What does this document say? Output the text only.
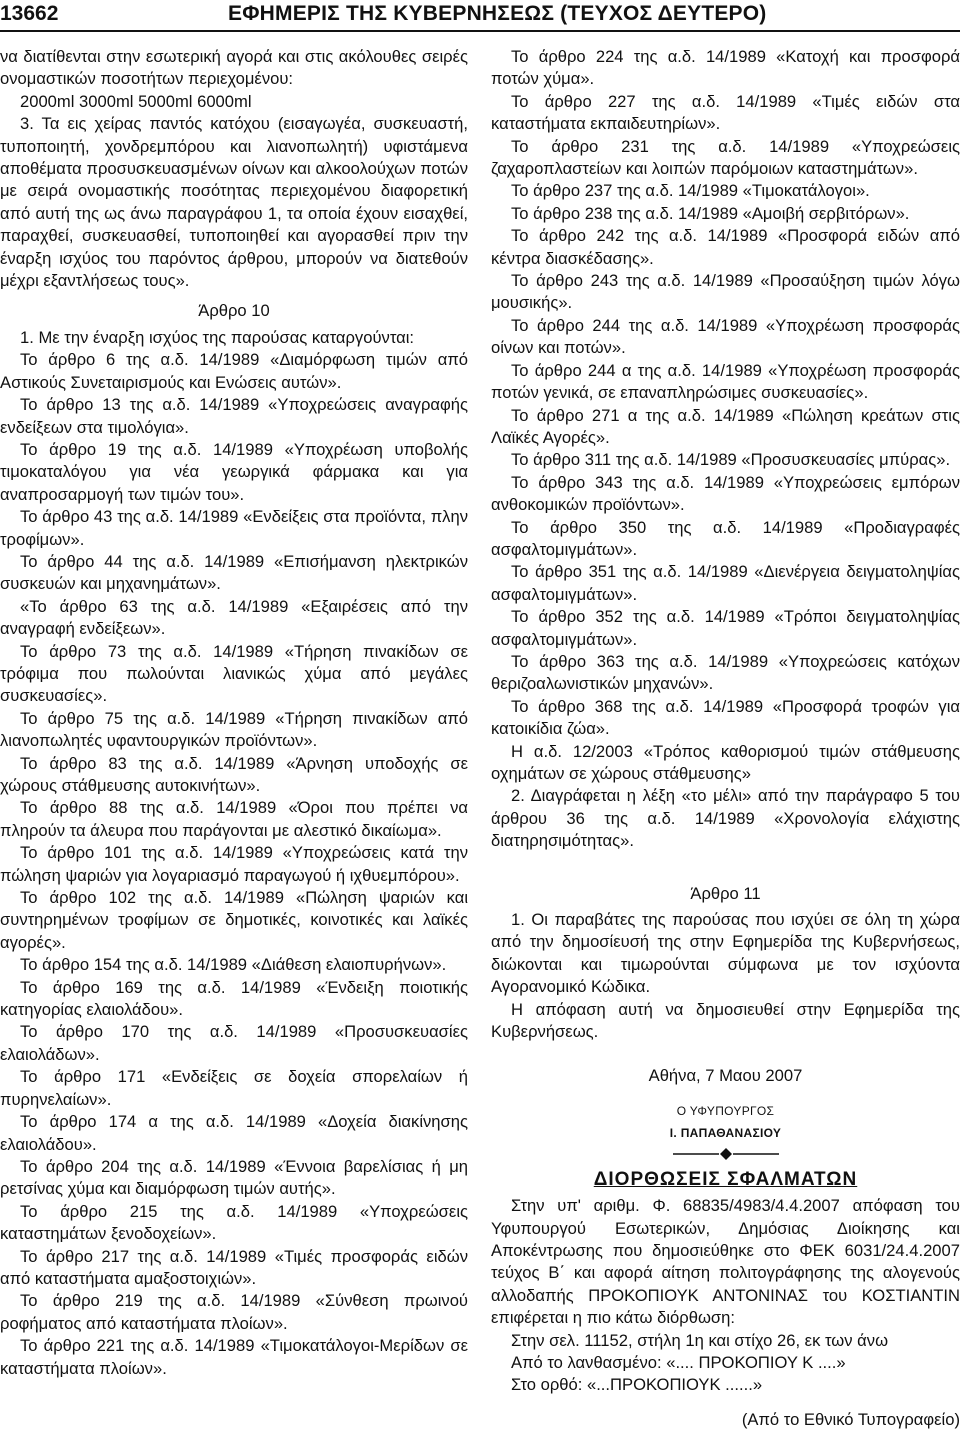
13662	ΕΦΗΜΕΡΙΣ ΤΗΣ ΚΥΒΕΡΝΗΣΕΩΣ (ΤΕΥΧΟΣ ΔΕΥΤΕΡΟ)

να διατίθενται στην εσωτερική αγορά και στις ακόλουθες σειρές ονομαστικών ποσοτήτων περιεχομένου:

2000ml 3000ml 5000ml 6000ml

3. Τα εις χείρας παντός κατόχου (εισαγωγέα, συσκευαστή, τυποποιητή, χονδρεμπόρου και λιανοπωλητή) υφιστάμενα αποθέματα προσυσκευασμένων οίνων και αλκοολούχων ποτών με σειρά ονομαστικής ποσότητας περιεχομένου διαφορετική από αυτή της ως άνω παραγράφου 1, τα οποία έχουν εισαχθεί, παραχθεί, συσκευασθεί, τυποποιηθεί και αγορασθεί πριν την έναρξη ισχύος του παρόντος άρθρου, μπορούν να διατεθούν μέχρι εξαντλήσεως τους».

Άρθρο 10

1. Με την έναρξη ισχύος της παρούσας καταργούνται:

Το άρθρο 6 της α.δ. 14/1989 «Διαμόρφωση τιμών από Αστικούς Συνεταιρισμούς και Ενώσεις αυτών».

Το άρθρο 13 της α.δ. 14/1989 «Υποχρεώσεις αναγραφής ενδείξεων στα τιμολόγια».

Το άρθρο 19 της α.δ. 14/1989 «Υποχρέωση υποβολής τιμοκαταλόγου για νέα γεωργικά φάρμακα και για αναπροσαρμογή των τιμών του».

Το άρθρο 43 της α.δ. 14/1989 «Ενδείξεις στα προϊόντα, πλην τροφίμων».

Το άρθρο 44 της α.δ. 14/1989 «Επισήμανση ηλεκτρικών συσκευών και μηχανημάτων».

«Το άρθρο 63 της α.δ. 14/1989 «Εξαιρέσεις από την αναγραφή ενδείξεων».

Το άρθρο 73 της α.δ. 14/1989 «Τήρηση πινακίδων σε τρόφιμα που πωλούνται λιανικώς χύμα από μεγάλες συσκευασίες».

Το άρθρο 75 της α.δ. 14/1989 «Τήρηση πινακίδων από λιανοπωλητές υφαντουργικών προϊόντων».

Το άρθρο 83 της α.δ. 14/1989 «Άρνηση υποδοχής σε χώρους στάθμευσης αυτοκινήτων».

Το άρθρο 88 της α.δ. 14/1989 «Όροι που πρέπει να πληρούν τα άλευρα που παράγονται με αλεστικό δικαίωμα».

Το άρθρο 101 της α.δ. 14/1989 «Υποχρεώσεις κατά την πώληση ψαριών για λογαριασμό παραγωγού ή ιχθυεμπόρου».

Το άρθρο 102 της α.δ. 14/1989 «Πώληση ψαριών και συντηρημένων τροφίμων σε δημοτικές, κοινοτικές και λαϊκές αγορές».

Το άρθρο 154 της α.δ. 14/1989 «Διάθεση ελαιοπυρήνων».

Το άρθρο 169 της α.δ. 14/1989 «Ένδειξη ποιοτικής κατηγορίας ελαιολάδου».

Το άρθρο 170 της α.δ. 14/1989 «Προσυσκευασίες ελαιολάδων».

Το άρθρο 171 «Ενδείξεις σε δοχεία σπορελαίων ή πυρηνελαίων».

Το άρθρο 174 α της α.δ. 14/1989 «Δοχεία διακίνησης ελαιολάδου».

Το άρθρο 204 της α.δ. 14/1989 «Έννοια βαρελίσιας ή μη ρετσίνας χύμα και διαμόρφωση τιμών αυτής».

Το άρθρο 215 της α.δ. 14/1989 «Υποχρεώσεις καταστημάτων ξενοδοχείων».

Το άρθρο 217 της α.δ. 14/1989 «Τιμές προσφοράς ειδών από καταστήματα αμαξοστοιχιών».

Το άρθρο 219 της α.δ. 14/1989 «Σύνθεση πρωινού ροφήματος από καταστήματα πλοίων».

Το άρθρο 221 της α.δ. 14/1989 «Τιμοκατάλογοι-Μερίδων σε καταστήματα πλοίων».

Το άρθρο 224 της α.δ. 14/1989 «Κατοχή και προσφορά ποτών χύμα».

Το άρθρο 227 της α.δ. 14/1989 «Τιμές ειδών στα καταστήματα εκπαιδευτηρίων».

Το άρθρο 231 της α.δ. 14/1989 «Υποχρεώσεις ζαχαροπλαστείων και λοιπών παρόμοιων καταστημάτων».

Το άρθρο 237 της α.δ. 14/1989 «Τιμοκατάλογοι».

Το άρθρο 238 της α.δ. 14/1989 «Αμοιβή σερβιτόρων».

Το άρθρο 242 της α.δ. 14/1989 «Προσφορά ειδών από κέντρα διασκέδασης».

Το άρθρο 243 της α.δ. 14/1989 «Προσαύξηση τιμών λόγω μουσικής».

Το άρθρο 244 της α.δ. 14/1989 «Υποχρέωση προσφοράς οίνων και ποτών».

Το άρθρο 244 α της α.δ. 14/1989 «Υποχρέωση προσφοράς ποτών γενικά, σε επαναπληρώσιμες συσκευασίες».

Το άρθρο 271 α της α.δ. 14/1989 «Πώληση κρεάτων στις Λαϊκές Αγορές».

Το άρθρο 311 της α.δ. 14/1989 «Προσυσκευασίες μπύρας».

Το άρθρο 343 της α.δ. 14/1989 «Υποχρεώσεις εμπόρων ανθοκομικών προϊόντων».

Το άρθρο 350 της α.δ. 14/1989 «Προδιαγραφές ασφαλτομιγμάτων».

Το άρθρο 351 της α.δ. 14/1989 «Διενέργεια δειγματοληψίας ασφαλτομιγμάτων».

Το άρθρο 352 της α.δ. 14/1989 «Τρόποι δειγματοληψίας ασφαλτομιγμάτων».

Το άρθρο 363 της α.δ. 14/1989 «Υποχρεώσεις κατόχων θεριζοαλωνιστικών μηχανών».

Το άρθρο 368 της α.δ. 14/1989 «Προσφορά τροφών για κατοικίδια ζώα».

Η α.δ. 12/2003 «Τρόπος καθορισμού τιμών στάθμευσης οχημάτων σε χώρους στάθμευσης»

2. Διαγράφεται η λέξη «το μέλι» από την παράγραφο 5 του άρθρου 36 της α.δ. 14/1989 «Χρονολογία ελάχιστης διατηρησιμότητας».

Άρθρο 11

1. Οι παραβάτες της παρούσας που ισχύει σε όλη τη χώρα από την δημοσίευσή της στην Εφημερίδα της Κυβερνήσεως, διώκονται και τιμωρούνται σύμφωνα με τον ισχύοντα Αγορανομικό Κώδικα.

Η απόφαση αυτή να δημοσιευθεί στην Εφημερίδα της Κυβερνήσεως.

Αθήνα, 7 Μαου 2007

Ο ΥΦΥΠΟΥΡΓΟΣ

Ι. ΠΑΠΑΘΑΝΑΣΙΟΥ

ΔΙΟΡΘΩΣΕΙΣ ΣΦΑΛΜΑΤΩΝ

Στην υπ' αριθμ. Φ. 68835/4983/4.4.2007 απόφαση του Υφυπουργού Εσωτερικών, Δημόσιας Διοίκησης και Αποκέντρωσης που δημοσιεύθηκε στο ΦΕΚ 6031/24.4.2007 τεύχος Β΄ και αφορά αίτηση πολιτογράφησης της αλογενούς αλλοδαπής ΠΡΟΚΟΠΙΟΥΚ ΑΝΤΟΝΙΝΑΣ του ΚΟΣΤΙΑΝΤΙΝ επιφέρεται η πιο κάτω διόρθωση:

Στην σελ. 11152, στήλη 1η και στίχο 26, εκ των άνω

Από το λανθασμένο: «.... ΠΡΟΚΟΠΙΟΥ Κ ....»

Στο ορθό: «...ΠΡΟΚΟΠΙΟΥΚ ......»

(Από το Εθνικό Τυπογραφείο)
